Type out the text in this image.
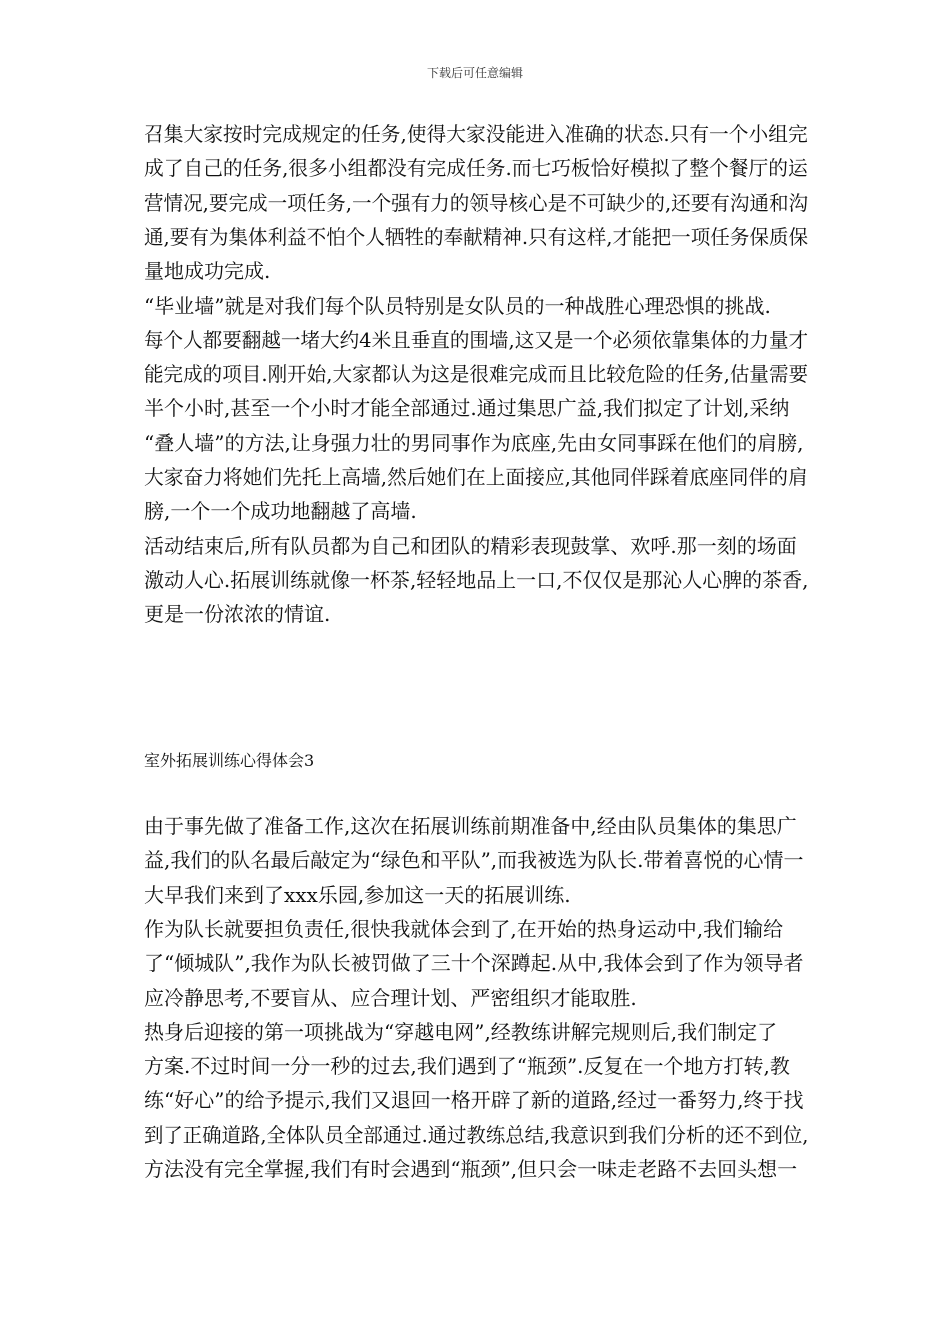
下载后可任意编辑
召集大家按时完成规定的任务,使得大家没能进入准确的状态.只有一个小组完
成了自己的任务,很多小组都没有完成任务.而七巧板恰好模拟了整个餐厅的运
营情况,要完成一项任务,一个强有力的领导核心是不可缺少的,还要有沟通和沟
通,要有为集体利益不怕个人牺牲的奉献精神.只有这样,才能把一项任务保质保
量地成功完成.
“毕业墙”就是对我们每个队员特别是女队员的一种战胜心理恐惧的挑战.
每个人都要翻越一堵大约4米且垂直的围墙,这又是一个必须依靠集体的力量才
能完成的项目.刚开始,大家都认为这是很难完成而且比较危险的任务,估量需要
半个小时,甚至一个小时才能全部通过.通过集思广益,我们拟定了计划,采纳
“叠人墙”的方法,让身强力壮的男同事作为底座,先由女同事踩在他们的肩膀,
大家奋力将她们先托上高墙,然后她们在上面接应,其他同伴踩着底座同伴的肩
膀,一个一个成功地翻越了高墙.
活动结束后,所有队员都为自己和团队的精彩表现鼓掌、欢呼.那一刻的场面
激动人心.拓展训练就像一杯茶,轻轻地品上一口,不仅仅是那沁人心脾的茶香,
更是一份浓浓的情谊.
室外拓展训练心得体会3
由于事先做了准备工作,这次在拓展训练前期准备中,经由队员集体的集思广
益,我们的队名最后敲定为“绿色和平队”,而我被选为队长.带着喜悦的心情一
大早我们来到了xxx乐园,参加这一天的拓展训练.
作为队长就要担负责任,很快我就体会到了,在开始的热身运动中,我们输给
了“倾城队”,我作为队长被罚做了三十个深蹲起.从中,我体会到了作为领导者
应冷静思考,不要盲从、应合理计划、严密组织才能取胜.
热身后迎接的第一项挑战为“穿越电网”,经教练讲解完规则后,我们制定了
方案.不过时间一分一秒的过去,我们遇到了“瓶颈”.反复在一个地方打转,教
练“好心”的给予提示,我们又退回一格开辟了新的道路,经过一番努力,终于找
到了正确道路,全体队员全部通过.通过教练总结,我意识到我们分析的还不到位,
方法没有完全掌握,我们有时会遇到“瓶颈”,但只会一味走老路不去回头想一
